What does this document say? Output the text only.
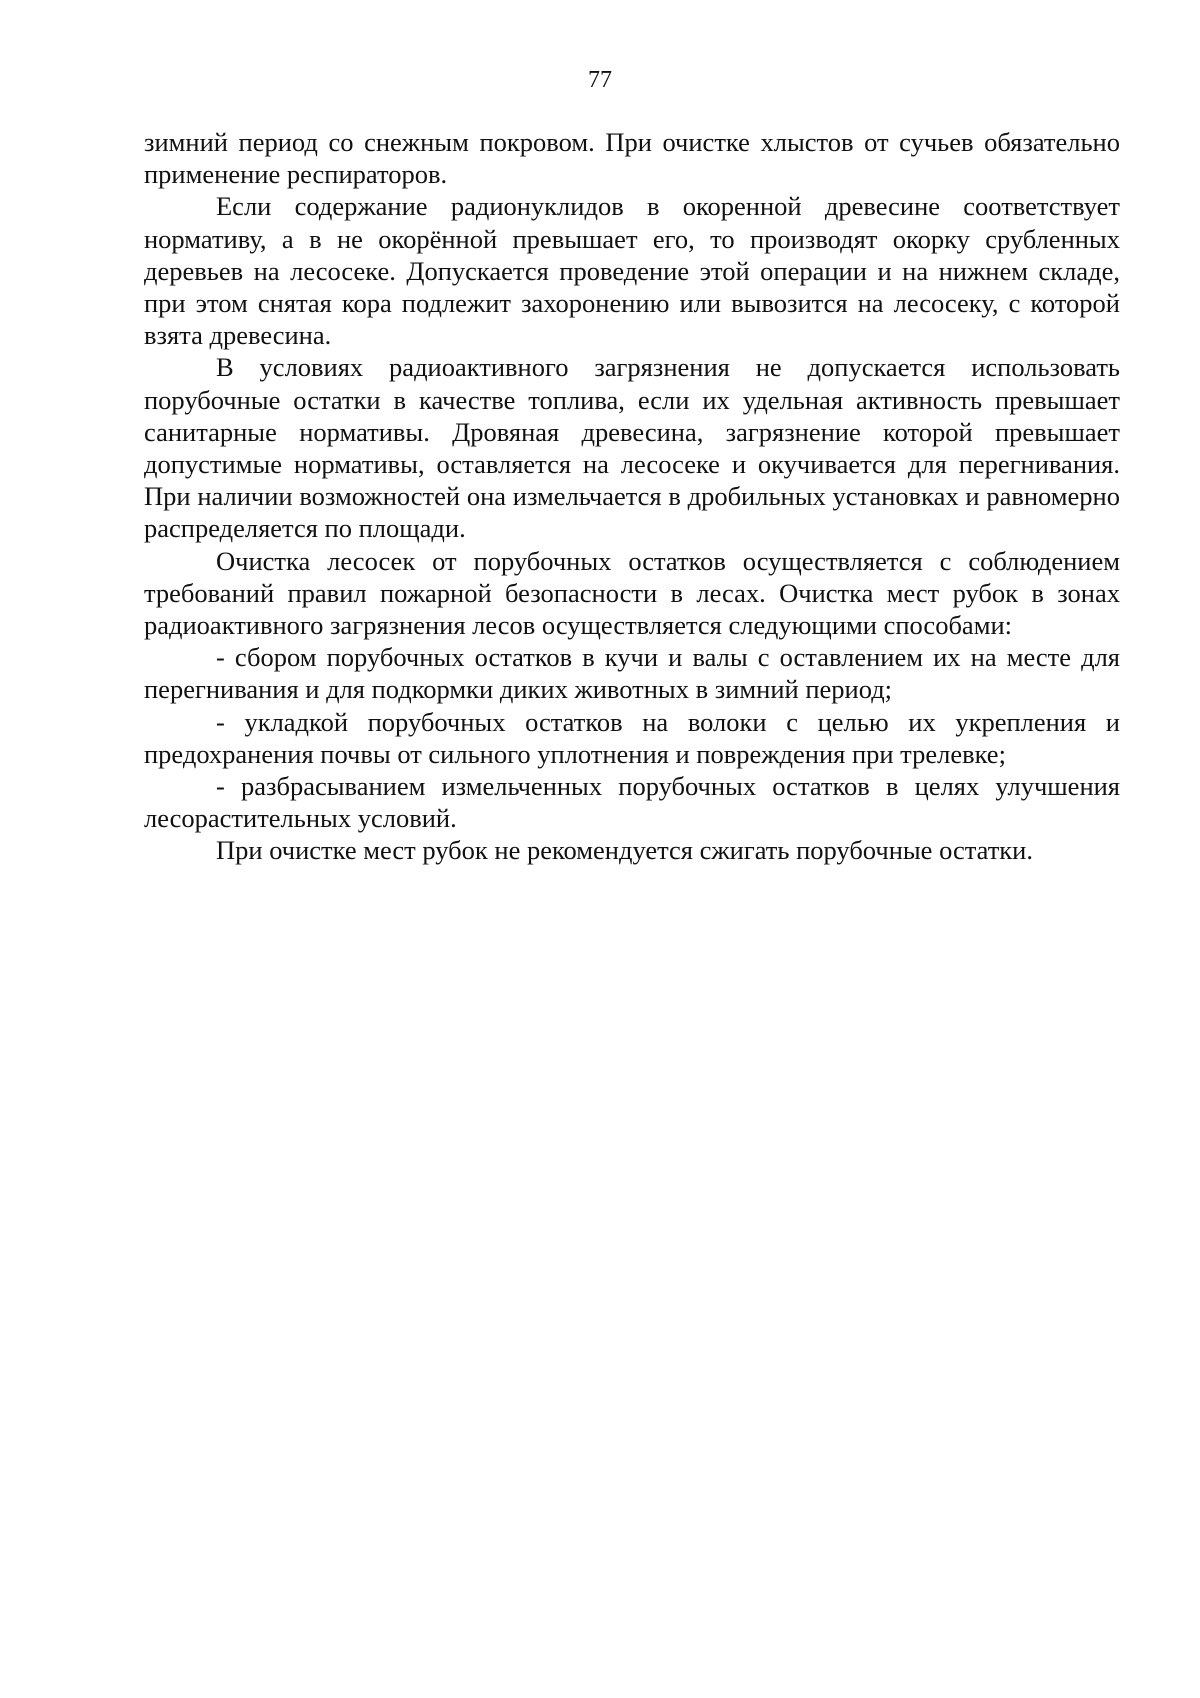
77

зимний период со снежным покровом. При очистке хлыстов от сучьев обязательно применение респираторов.

Если содержание радионуклидов в окоренной древесине соответствует нормативу, а в не окорённой превышает его, то производят окорку срубленных деревьев на лесосеке. Допускается проведение этой операции и на нижнем складе, при этом снятая кора подлежит захоронению или вывозится на лесосеку, с которой взята древесина.

В условиях радиоактивного загрязнения не допускается использовать порубочные остатки в качестве топлива, если их удельная активность превышает санитарные нормативы. Дровяная древесина, загрязнение которой превышает допустимые нормативы, оставляется на лесосеке и окучивается для перегнивания. При наличии возможностей она измельчается в дробильных установках и равномерно распределяется по площади.

Очистка лесосек от порубочных остатков осуществляется с соблюдением требований правил пожарной безопасности в лесах. Очистка мест рубок в зонах радиоактивного загрязнения лесов осуществляется следующими способами:

- сбором порубочных остатков в кучи и валы с оставлением их на месте для перегнивания и для подкормки диких животных в зимний период;

- укладкой порубочных остатков на волоки с целью их укрепления и предохранения почвы от сильного уплотнения и повреждения при трелевке;

- разбрасыванием измельченных порубочных остатков в целях улучшения лесорастительных условий.

При очистке мест рубок не рекомендуется сжигать порубочные остатки.
